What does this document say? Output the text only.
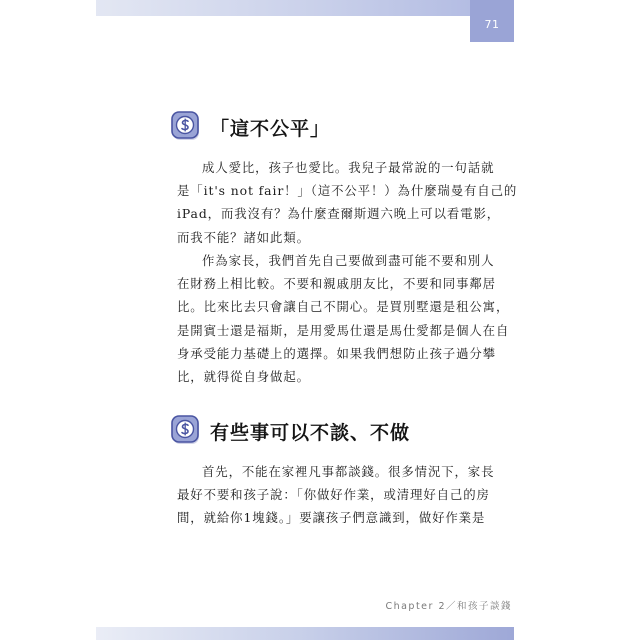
71
「這不公平」

成人愛比，孩子也愛比。我兒子最常說的一句話就
是「it's not fair！」（這不公平！）為什麼瑞曼有自己的
iPad，而我沒有？為什麼查爾斯週六晚上可以看電影，
而我不能？諸如此類。

作為家長，我們首先自己要做到盡可能不要和別人
在財務上相比較。不要和親戚朋友比，不要和同事鄰居
比。比來比去只會讓自己不開心。是買別墅還是租公寓，
是開賓士還是福斯，是用愛馬仕還是馬仕愛都是個人在自
身承受能力基礎上的選擇。如果我們想防止孩子過分攀
比，就得從自身做起。

有些事可以不談、不做

首先，不能在家裡凡事都談錢。很多情況下，家長
最好不要和孩子說：「你做好作業，或清理好自己的房
間，就給你1塊錢。」要讓孩子們意識到，做好作業是

Chapter 2／和孩子談錢
